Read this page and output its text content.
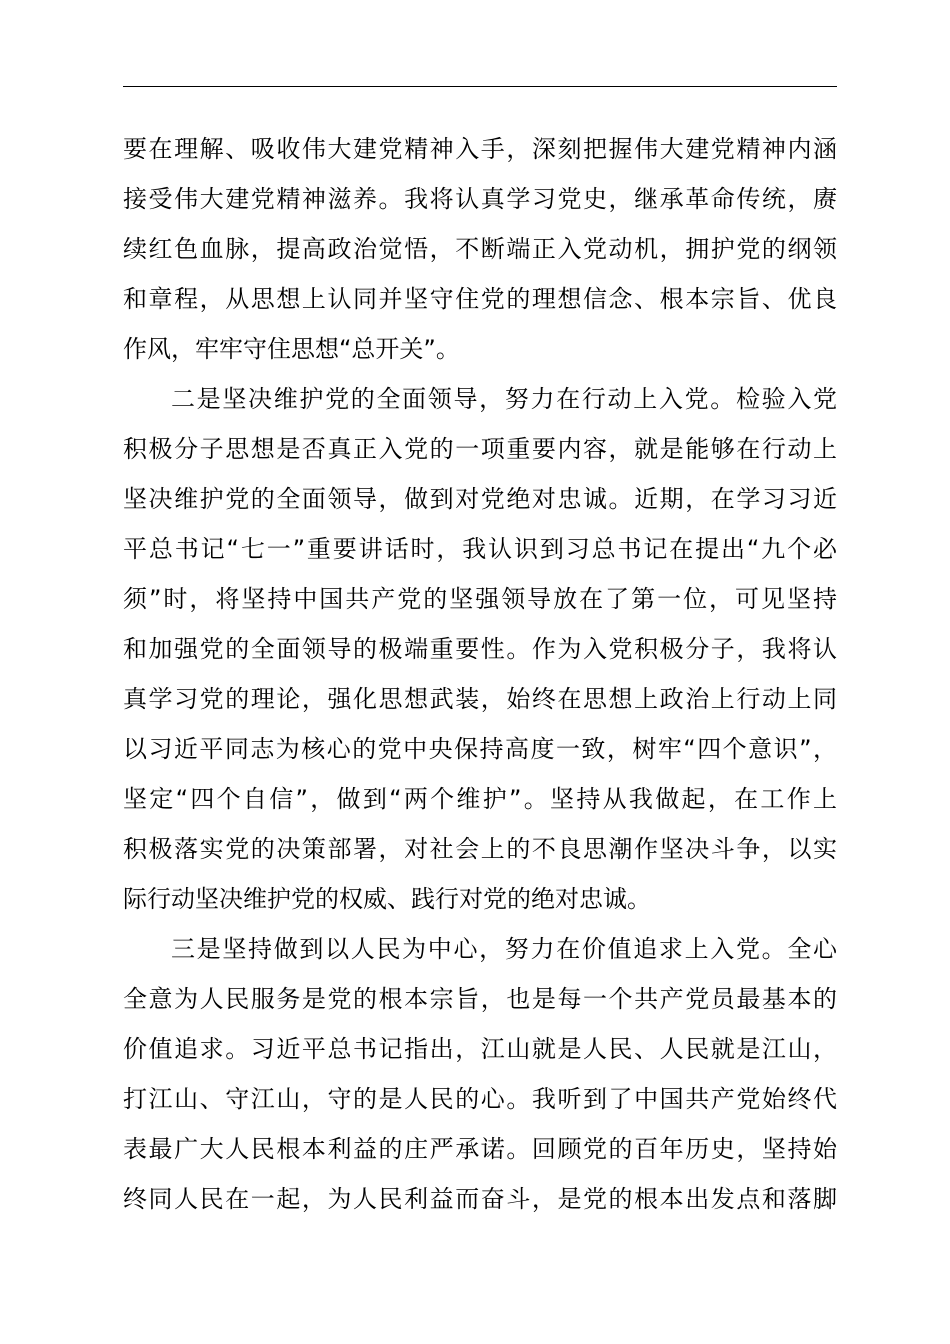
要在理解、吸收伟大建党精神入手，深刻把握伟大建党精神内涵
接受伟大建党精神滋养。我将认真学习党史，继承革命传统，赓
续红色血脉，提高政治觉悟，不断端正入党动机，拥护党的纲领
和章程，从思想上认同并坚守住党的理想信念、根本宗旨、优良
作风，牢牢守住思想“总开关”。
二是坚决维护党的全面领导，努力在行动上入党。检验入党
积极分子思想是否真正入党的一项重要内容，就是能够在行动上
坚决维护党的全面领导，做到对党绝对忠诚。近期，在学习习近
平总书记“七一”重要讲话时，我认识到习总书记在提出“九个必
须”时，将坚持中国共产党的坚强领导放在了第一位，可见坚持
和加强党的全面领导的极端重要性。作为入党积极分子，我将认
真学习党的理论，强化思想武装，始终在思想上政治上行动上同
以习近平同志为核心的党中央保持高度一致，树牢“四个意识”，
坚定“四个自信”，做到“两个维护”。坚持从我做起，在工作上
积极落实党的决策部署，对社会上的不良思潮作坚决斗争，以实
际行动坚决维护党的权威、践行对党的绝对忠诚。
三是坚持做到以人民为中心，努力在价值追求上入党。全心
全意为人民服务是党的根本宗旨，也是每一个共产党员最基本的
价值追求。习近平总书记指出，江山就是人民、人民就是江山，
打江山、守江山，守的是人民的心。我听到了中国共产党始终代
表最广大人民根本利益的庄严承诺。回顾党的百年历史，坚持始
终同人民在一起，为人民利益而奋斗，是党的根本出发点和落脚
